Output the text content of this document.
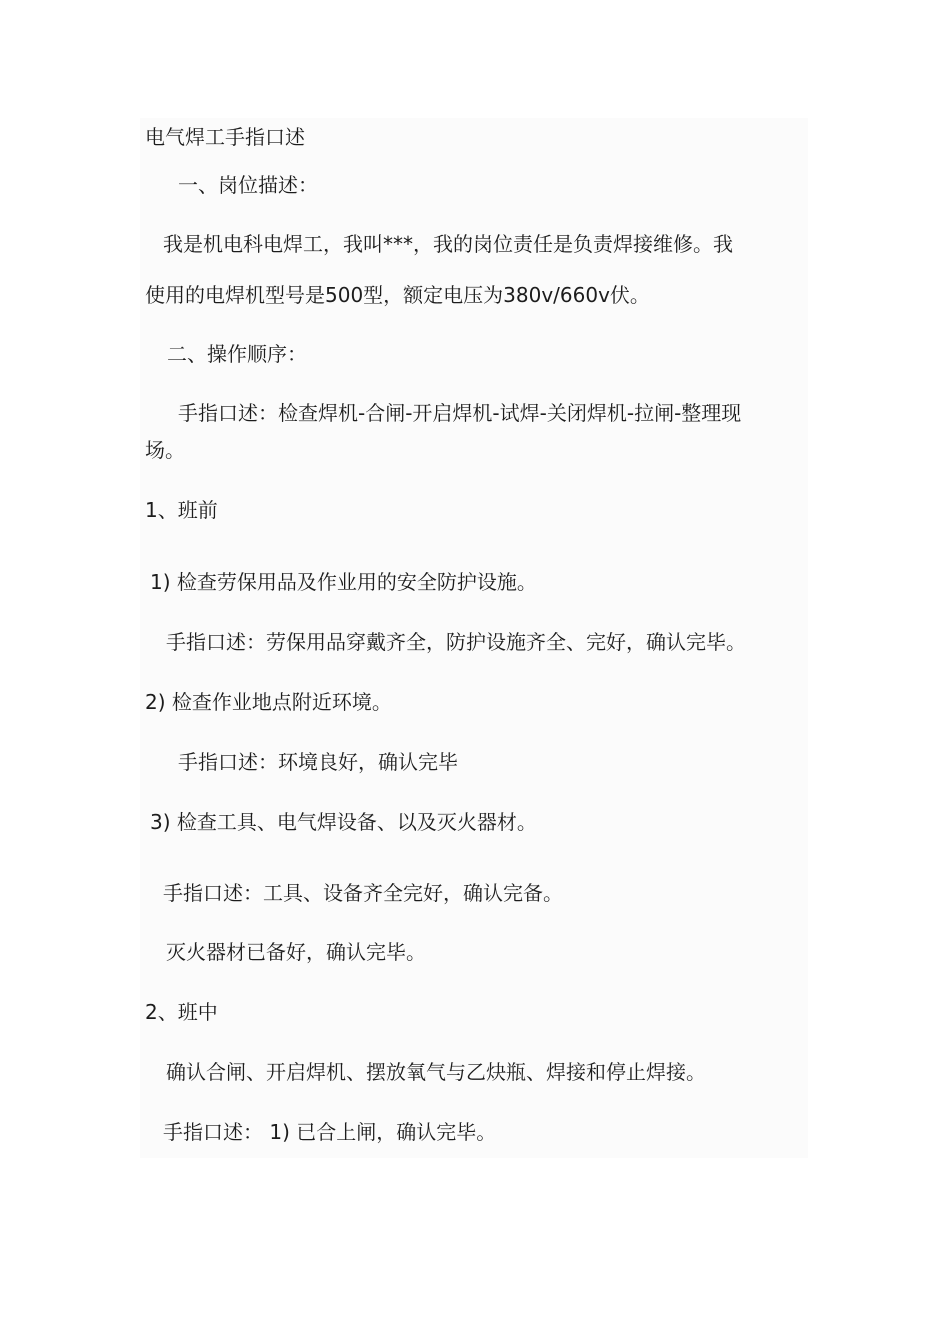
电气焊工手指口述
一、岗位描述：
我是机电科电焊工，我叫***，我的岗位责任是负责焊接维修。我
使用的电焊机型号是500型，额定电压为380v/660v伏。
二、操作顺序：
手指口述：检查焊机-合闸-开启焊机-试焊-关闭焊机-拉闸-整理现
场。
1、班前
1) 检查劳保用品及作业用的安全防护设施。
手指口述：劳保用品穿戴齐全，防护设施齐全、完好，确认完毕。
2) 检查作业地点附近环境。
手指口述：环境良好，确认完毕
3) 检查工具、电气焊设备、以及灭火器材。
手指口述：工具、设备齐全完好，确认完备。
灭火器材已备好，确认完毕。
2、班中
确认合闸、开启焊机、摆放氧气与乙炔瓶、焊接和停止焊接。
手指口述： 1) 已合上闸，确认完毕。
